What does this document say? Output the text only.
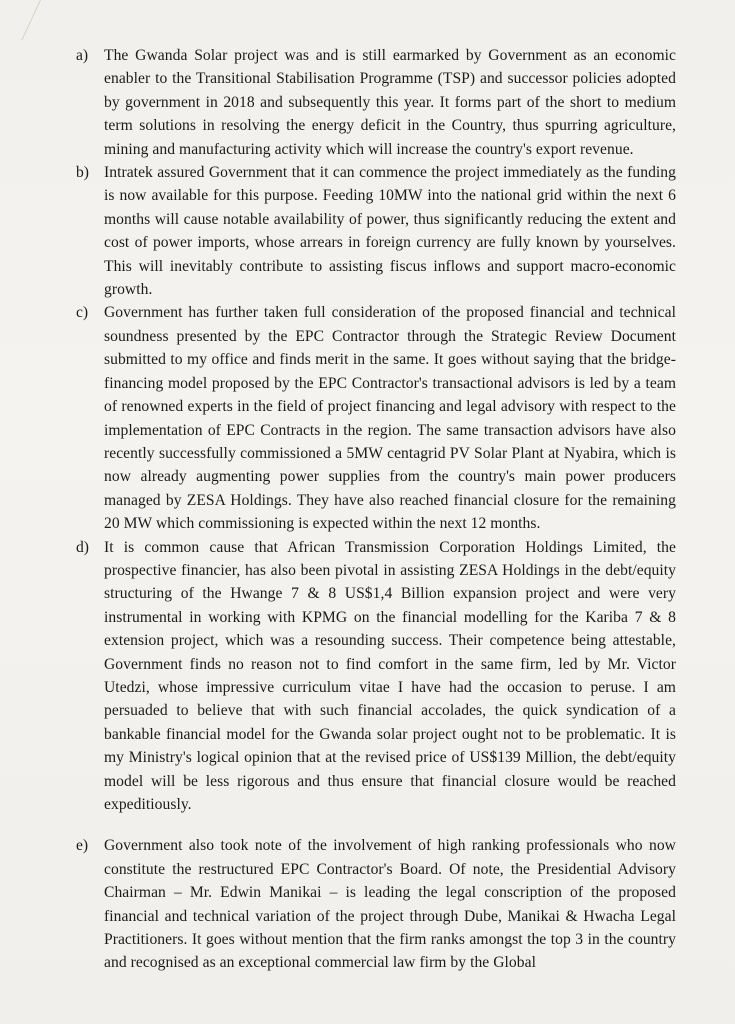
a) The Gwanda Solar project was and is still earmarked by Government as an economic enabler to the Transitional Stabilisation Programme (TSP) and successor policies adopted by government in 2018 and subsequently this year. It forms part of the short to medium term solutions in resolving the energy deficit in the Country, thus spurring agriculture, mining and manufacturing activity which will increase the country's export revenue.
b) Intratek assured Government that it can commence the project immediately as the funding is now available for this purpose. Feeding 10MW into the national grid within the next 6 months will cause notable availability of power, thus significantly reducing the extent and cost of power imports, whose arrears in foreign currency are fully known by yourselves. This will inevitably contribute to assisting fiscus inflows and support macro-economic growth.
c) Government has further taken full consideration of the proposed financial and technical soundness presented by the EPC Contractor through the Strategic Review Document submitted to my office and finds merit in the same. It goes without saying that the bridge-financing model proposed by the EPC Contractor's transactional advisors is led by a team of renowned experts in the field of project financing and legal advisory with respect to the implementation of EPC Contracts in the region. The same transaction advisors have also recently successfully commissioned a 5MW centagrid PV Solar Plant at Nyabira, which is now already augmenting power supplies from the country's main power producers managed by ZESA Holdings. They have also reached financial closure for the remaining 20 MW which commissioning is expected within the next 12 months.
d) It is common cause that African Transmission Corporation Holdings Limited, the prospective financier, has also been pivotal in assisting ZESA Holdings in the debt/equity structuring of the Hwange 7 & 8 US$1,4 Billion expansion project and were very instrumental in working with KPMG on the financial modelling for the Kariba 7 & 8 extension project, which was a resounding success. Their competence being attestable, Government finds no reason not to find comfort in the same firm, led by Mr. Victor Utedzi, whose impressive curriculum vitae I have had the occasion to peruse. I am persuaded to believe that with such financial accolades, the quick syndication of a bankable financial model for the Gwanda solar project ought not to be problematic. It is my Ministry's logical opinion that at the revised price of US$139 Million, the debt/equity model will be less rigorous and thus ensure that financial closure would be reached expeditiously.
e) Government also took note of the involvement of high ranking professionals who now constitute the restructured EPC Contractor's Board. Of note, the Presidential Advisory Chairman – Mr. Edwin Manikai – is leading the legal conscription of the proposed financial and technical variation of the project through Dube, Manikai & Hwacha Legal Practitioners. It goes without mention that the firm ranks amongst the top 3 in the country and recognised as an exceptional commercial law firm by the Global
